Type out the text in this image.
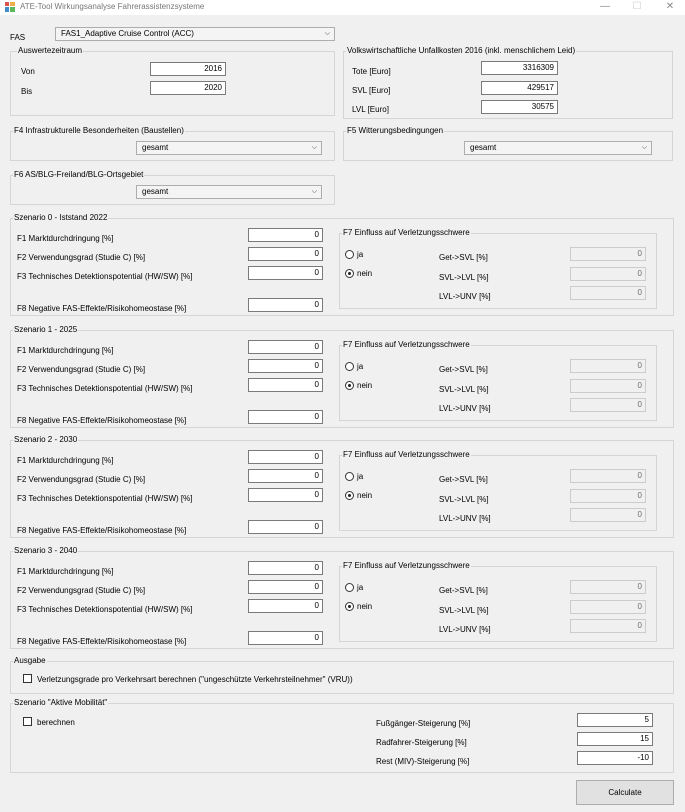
ATE-Tool Wirkungsanalyse Fahrerassistenzsysteme	—	☐	✕
FAS	FAS1_Adaptive Cruise Control (ACC)	⌵
Auswertezeitraum
Von	2016
Bis	2020
Volkswirtschaftliche Unfallkosten 2016 (inkl. menschlichem Leid)
Tote [Euro]	3316309
SVL [Euro]	429517
LVL [Euro]	30575
F4 Infrastrukturelle Besonderheiten (Baustellen)
gesamt	⌵
F5 Witterungsbedingungen
gesamt	⌵
F6 AS/BLG-Freiland/BLG-Ortsgebiet
gesamt	⌵
Szenario 0 - Iststand 2022
F1 Marktdurchdringung [%]	0
F2 Verwendungsgrad (Studie C) [%]	0
F3 Technisches Detektionspotential (HW/SW) [%]	0
F8 Negative FAS-Effekte/Risikohomeostase [%]	0
F7 Einfluss auf Verletzungsschwere
ja
nein
Get->SVL [%]	0
SVL->LVL [%]	0
LVL->UNV [%]	0
Szenario 1 - 2025
F1 Marktdurchdringung [%]	0
F2 Verwendungsgrad (Studie C) [%]	0
F3 Technisches Detektionspotential (HW/SW) [%]	0
F8 Negative FAS-Effekte/Risikohomeostase [%]	0
F7 Einfluss auf Verletzungsschwere
ja
nein
Get->SVL [%]	0
SVL->LVL [%]	0
LVL->UNV [%]	0
Szenario 2 - 2030
F1 Marktdurchdringung [%]	0
F2 Verwendungsgrad (Studie C) [%]	0
F3 Technisches Detektionspotential (HW/SW) [%]	0
F8 Negative FAS-Effekte/Risikohomeostase [%]	0
F7 Einfluss auf Verletzungsschwere
ja
nein
Get->SVL [%]	0
SVL->LVL [%]	0
LVL->UNV [%]	0
Szenario 3 - 2040
F1 Marktdurchdringung [%]	0
F2 Verwendungsgrad (Studie C) [%]	0
F3 Technisches Detektionspotential (HW/SW) [%]	0
F8 Negative FAS-Effekte/Risikohomeostase [%]	0
F7 Einfluss auf Verletzungsschwere
ja
nein
Get->SVL [%]	0
SVL->LVL [%]	0
LVL->UNV [%]	0
Ausgabe
Verletzungsgrade pro Verkehrsart berechnen ("ungeschützte Verkehrsteilnehmer" (VRU))
Szenario "Aktive Mobilität"
berechnen	Fußgänger-Steigerung [%]	5
Radfahrer-Steigerung [%]	15
Rest (MIV)-Steigerung [%]	-10
Calculate
